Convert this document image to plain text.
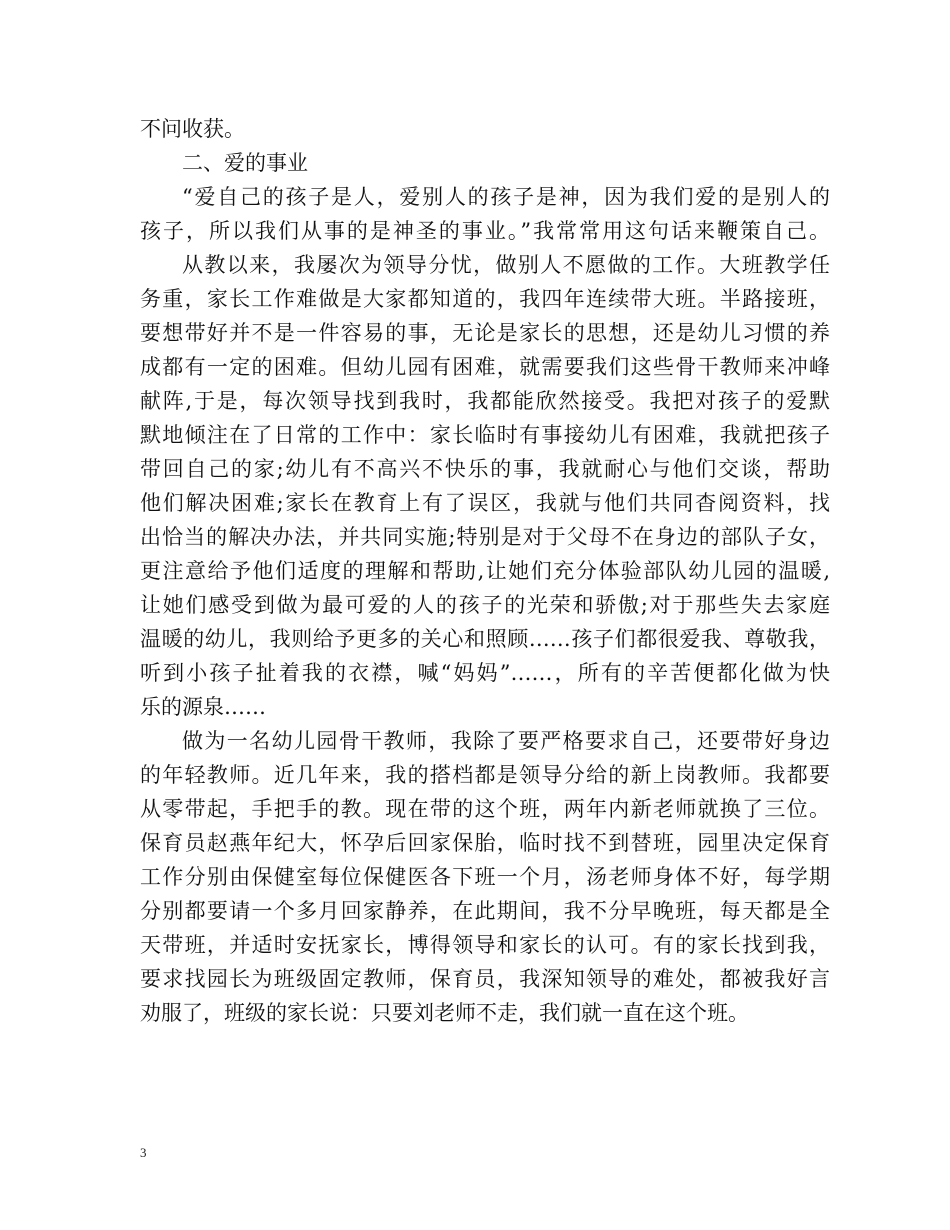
不问收获。
二、爱的事业
“爱自己的孩子是人，爱别人的孩子是神，因为我们爱的是别人的
孩子，所以我们从事的是神圣的事业。”我常常用这句话来鞭策自己。
从教以来，我屡次为领导分忧，做别人不愿做的工作。大班教学任
务重，家长工作难做是大家都知道的，我四年连续带大班。半路接班，
要想带好并不是一件容易的事，无论是家长的思想，还是幼儿习惯的养
成都有一定的困难。但幼儿园有困难，就需要我们这些骨干教师来冲峰
献阵,于是，每次领导找到我时，我都能欣然接受。我把对孩子的爱默
默地倾注在了日常的工作中：家长临时有事接幼儿有困难，我就把孩子
带回自己的家;幼儿有不高兴不快乐的事，我就耐心与他们交谈，帮助
他们解决困难;家长在教育上有了误区，我就与他们共同杳阅资料，找
出恰当的解决办法，并共同实施;特别是对于父母不在身边的部队子女，
更注意给予他们适度的理解和帮助,让她们充分体验部队幼儿园的温暖,
让她们感受到做为最可爱的人的孩子的光荣和骄傲;对于那些失去家庭
温暖的幼儿，我则给予更多的关心和照顾……孩子们都很爱我、尊敬我，
听到小孩子扯着我的衣襟，喊“妈妈”……，所有的辛苦便都化做为快
乐的源泉……
做为一名幼儿园骨干教师，我除了要严格要求自己，还要带好身边
的年轻教师。近几年来，我的搭档都是领导分给的新上岗教师。我都要
从零带起，手把手的教。现在带的这个班，两年内新老师就换了三位。
保育员赵燕年纪大，怀孕后回家保胎，临时找不到替班，园里决定保育
工作分别由保健室每位保健医各下班一个月，汤老师身体不好，每学期
分别都要请一个多月回家静养，在此期间，我不分早晚班，每天都是全
天带班，并适时安抚家长，博得领导和家长的认可。有的家长找到我，
要求找园长为班级固定教师，保育员，我深知领导的难处，都被我好言
劝服了，班级的家长说：只要刘老师不走，我们就一直在这个班。
3
